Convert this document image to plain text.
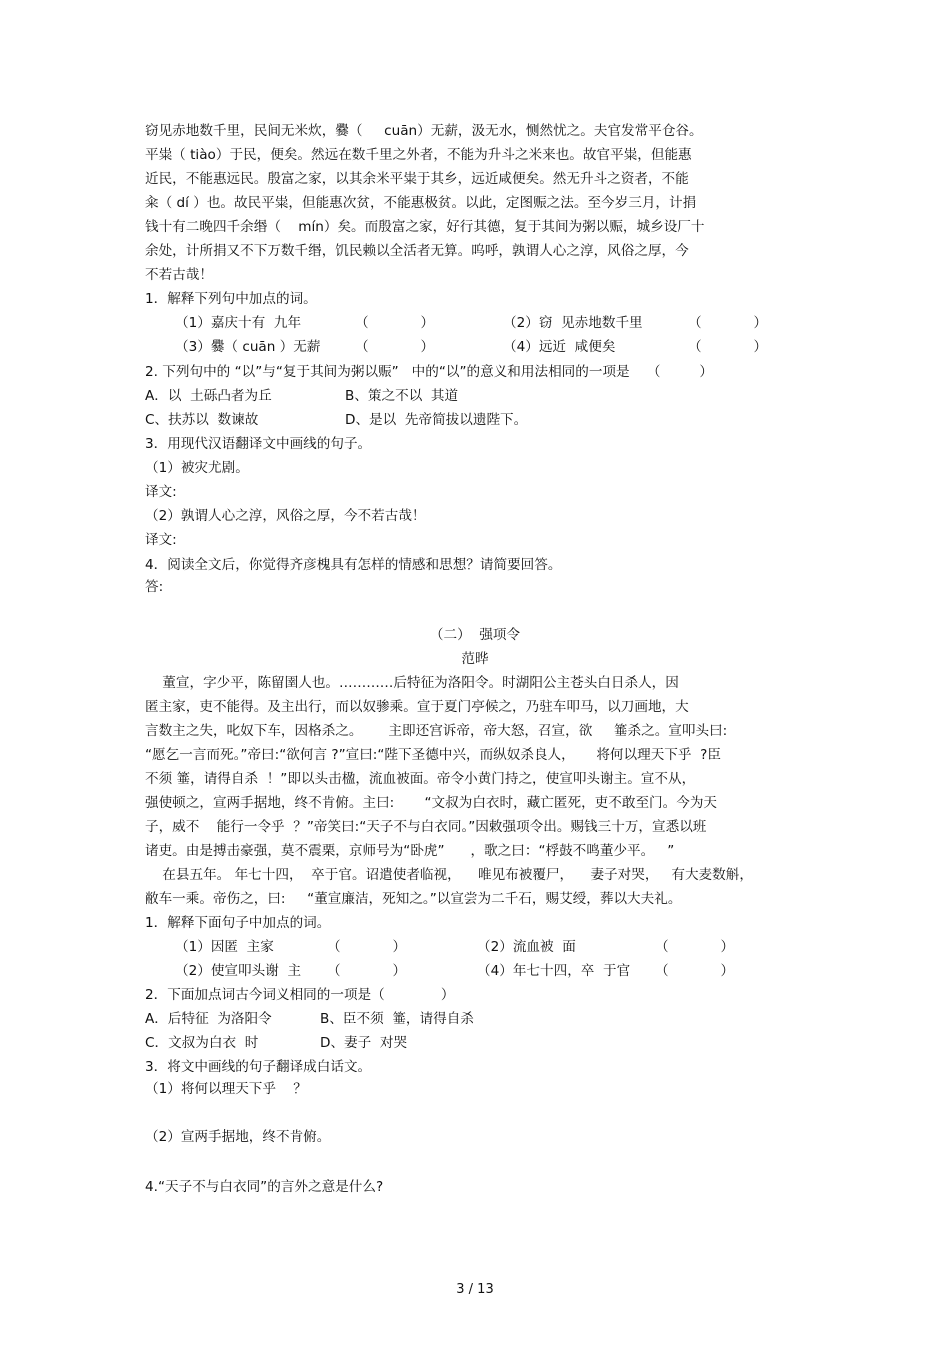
窃见赤地数千里，民间无米炊，爨（     cuān）无薪，汲无水，恻然忧之。夫官发常平仓谷。
平粜（ tiào）于民，便矣。然远在数千里之外者，不能为升斗之米来也。故官平粜，但能惠
近民，不能惠远民。殷富之家，以其余米平粜于其乡，远近咸便矣。然无升斗之资者，不能
籴（ dí ）也。故民平粜，但能惠次贫，不能惠极贫。以此，定图赈之法。至今岁三月，计捐
钱十有二晚四千余缗（    mín）矣。而殷富之家，好行其德，复于其间为粥以赈，城乡设厂十
余处，计所捐又不下万数千缗，饥民赖以全活者无算。呜呼，孰谓人心之淳，风俗之厚，今
不若古哉！
1．解释下列句中加点的词。
（1）嘉庆十有  九年	（            ）	（2）窃  见赤地数千里	（            ）
（3）爨（ cuān ）无薪	（            ）	（4）远近  咸便矣	（            ）
2. 下列句中的 “以”与“复于其间为粥以赈”   中的“以”的意义和用法相同的一项是    （         ）
A．以  土砾凸者为丘	B、策之不以  其道
C、扶苏以  数谏故	D、是以  先帝简拔以遗陛下。
3．用现代汉语翻译文中画线的句子。
（1）被灾尤剧。
译文:
（2）孰谓人心之淳，风俗之厚，今不若古哉！
译文:
4．阅读全文后，你觉得齐彦槐具有怎样的情感和思想？请简要回答。
答:
（二）  强项令
范晔
董宣，字少平，陈留圉人也。…………后特征为洛阳令。时湖阳公主苍头白日杀人，因
匿主家，吏不能得。及主出行，而以奴骖乘。宣于夏门亭候之，乃驻车叩马，以刀画地，大
言数主之失，叱奴下车，因格杀之。      主即还宫诉帝，帝大怒，召宣，欲     箠杀之。宣叩头曰:
“愿乞一言而死。”帝曰:“欲何言 ?”宣曰:“陛下圣德中兴，而纵奴杀良人，     将何以理天下乎  ?臣
不须 箠，请得自杀  ！”即以头击楹，流血被面。帝令小黄门持之，使宣叩头谢主。宣不从，
强使顿之，宣两手据地，终不肯俯。主曰:       “文叔为白衣时，藏亡匿死，吏不敢至门。今为天
子，威不    能行一令乎  ？”帝笑曰:“天子不与白衣同。”因敕强项令出。赐钱三十万，宣悉以班
诸吏。由是搏击豪强，莫不震栗，京师号为“卧虎”      ，歌之曰：“桴鼓不鸣董少平。   ”
在县五年。 年七十四，  卒于官。诏遣使者临视，    唯见布被覆尸，    妻子对哭，   有大麦数斛，
敝车一乘。帝伤之，曰:     “董宣廉洁，死知之。”以宣尝为二千石，赐艾绶，葬以大夫礼。
1．解释下面句子中加点的词。
（1）因匿  主家	（            ）	（2）流血被  面	（            ）
（2）使宣叩头谢  主	（            ）	（4）年七十四，卒  于官	（            ）
2．下面加点词古今词义相同的一项是（             ）
A．后特征  为洛阳令	B、臣不须  箠，请得自杀
C．文叔为白衣  时	D、妻子  对哭
3．将文中画线的句子翻译成白话文。
（1）将何以理天下乎    ？
（2）宣两手据地，终不肯俯。
4.“天子不与白衣同”的言外之意是什么?
3 / 13
